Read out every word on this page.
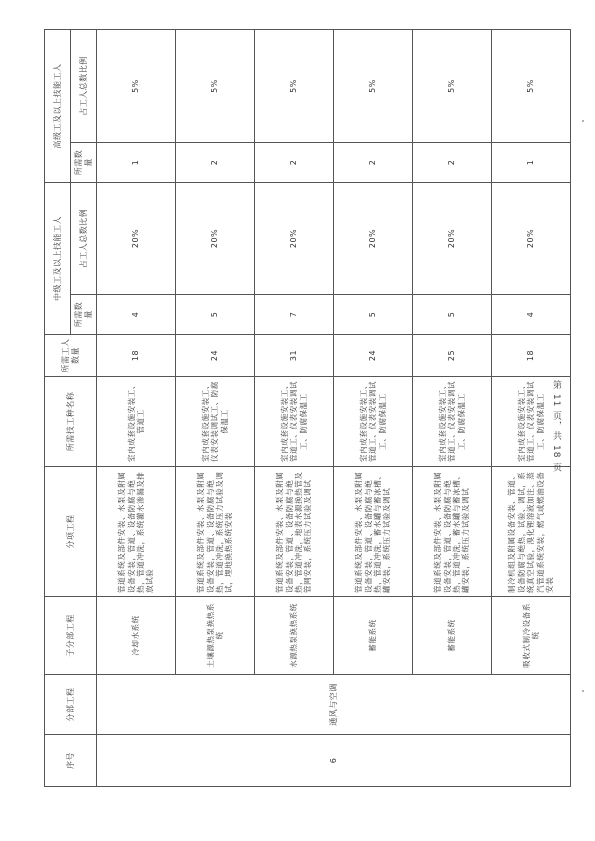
序号	分部工程	子分部工程	分项工程	所需技工种名称	所需工人数量	中级工及以上技能工人		高级工及以上技能工人	
						所需数量	占工人总数比例	所需数量	占工人总数比例
6	通风与空调	冷却水系统	管道系统及部件安装、水泵及附属设备安装，管道、设备防腐与绝热，管道冲洗，系统灌水渗漏及排放试验	室内成套设施安装工、管道工	18	4	20%	1	5%
		土壤源热泵换热系统	管道系统及部件安装、水泵及附属设备安装，管道、设备防腐与绝热，管道冲洗，系统压力试验及调试，埋地换热系统安装	室内成套设施安装工、仪表安装调试工、防腐保温工	24	5	20%	2	5%
		水源热泵换热系统	管道系统及部件安装、水泵及附属设备安装，管道、设备防腐与绝热，管道冲洗，地表水源换热管及管网安装，系统压力试验及调试	室内成套设施安装工、管道工、仪表安装调试工、防腐保温工	31	7	20%	2	5%
		蓄能系统	管道系统及部件安装、水泵及附属设备安装，管道、设备防腐与绝热，管道冲洗，蓄水罐与蓄冰槽、罐安装，系统压力试验及调试	室内成套设施安装工、管道工、仪表安装调试工、防腐保温工	24	5	20%	2	5%
		蓄能系统	管道系统及部件安装、水泵及附属设备安装，管道、设备防腐与绝热，管道冲洗，蓄水罐与蓄冰槽、罐安装，系统压力试验及调试	室内成套设施安装工、管道工、仪表安装调试工、防腐保温工	25	5	20%	2	5%
		吸收式制冷设备系统	制冷机组及附属设备安装、管道、设备防腐与绝热，试验、调试，系统真空试验，溴化锂溶液加注、蒸汽管道系统安装，燃气或燃油设备安装	室内成套设施安装工、管道工、仪表安装调试工、防腐保温工	18	4	20%	1	5%
第 11 页，共 18 页
